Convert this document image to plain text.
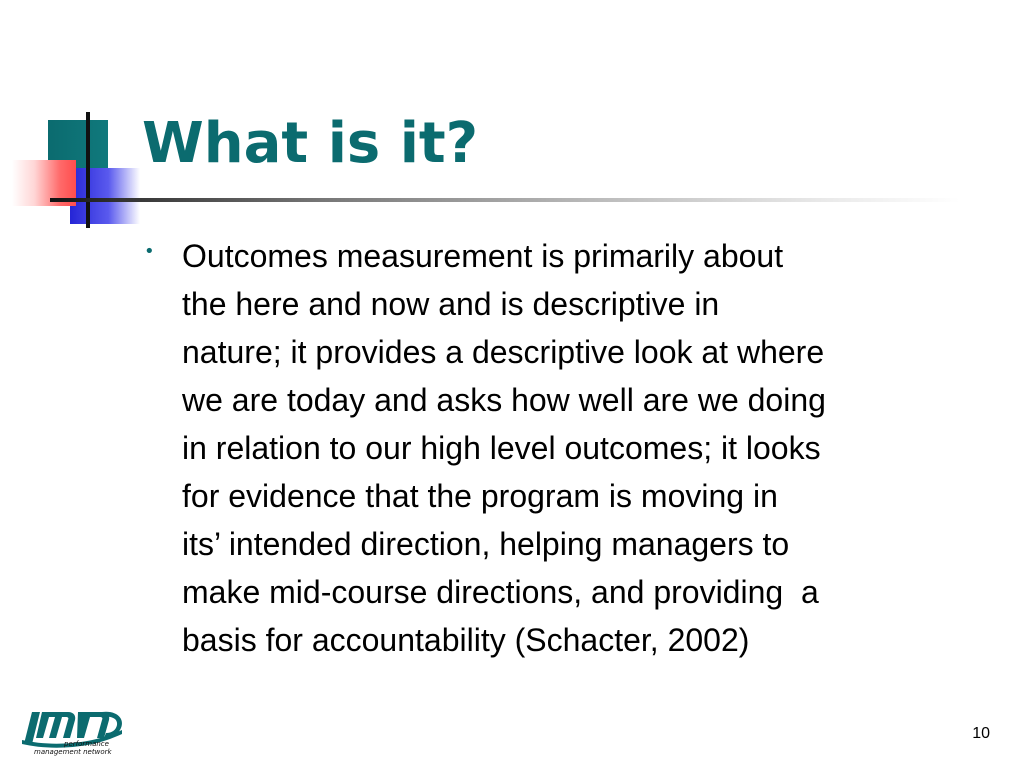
What is it?
• Outcomes measurement is primarily about
the here and now and is descriptive in
nature; it provides a descriptive look at where
we are today and asks how well are we doing
in relation to our high level outcomes; it looks
for evidence that the program is moving in
its’ intended direction, helping managers to
make mid-course directions, and providing  a
basis for accountability (Schacter, 2002)

performance
management network
10
